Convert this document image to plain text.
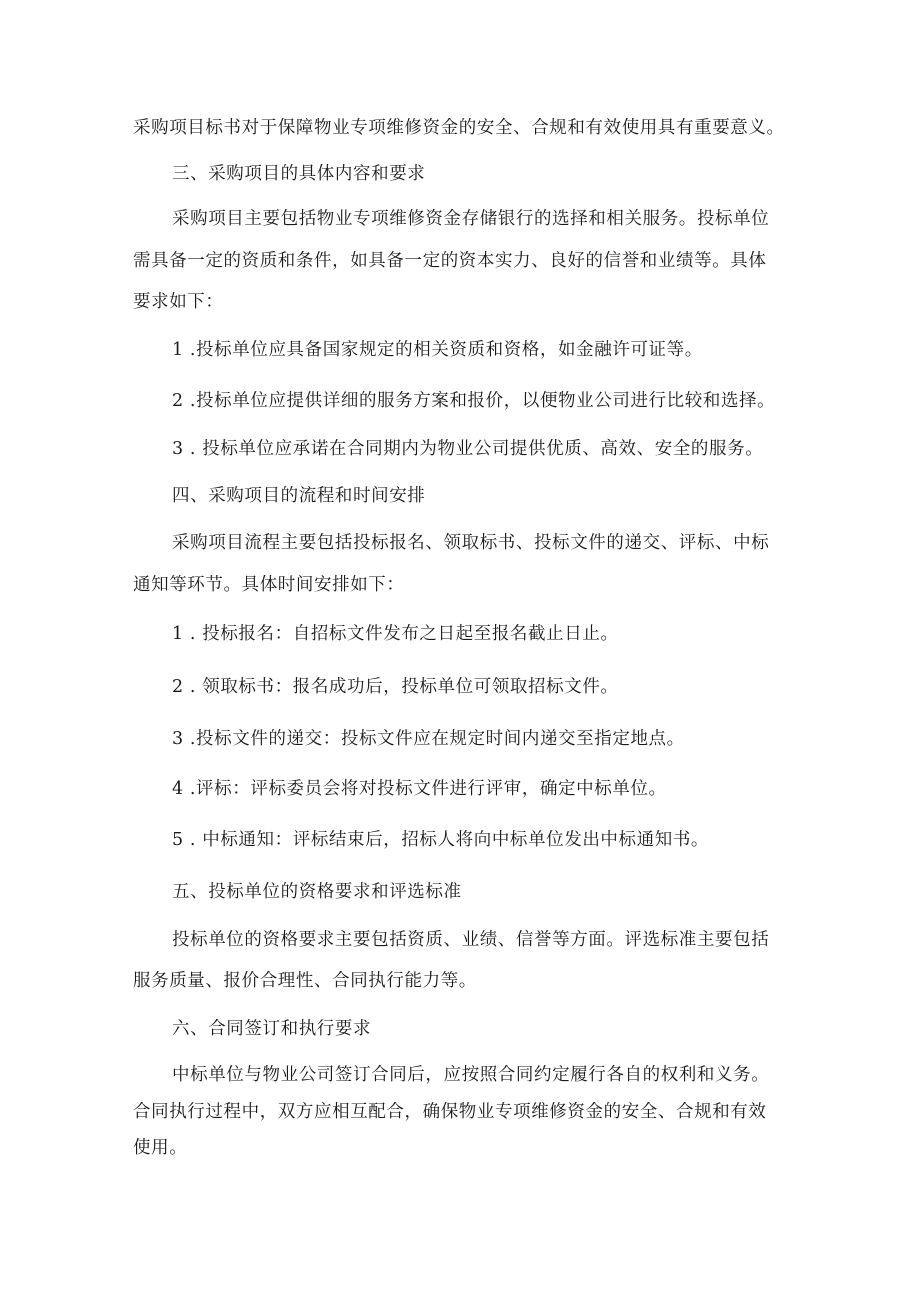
采购项目标书对于保障物业专项维修资金的安全、合规和有效使用具有重要意义。
三、采购项目的具体内容和要求
采购项目主要包括物业专项维修资金存储银行的选择和相关服务。投标单位
需具备一定的资质和条件，如具备一定的资本实力、良好的信誉和业绩等。具体
要求如下：
1 .投标单位应具备国家规定的相关资质和资格，如金融许可证等。
2 .投标单位应提供详细的服务方案和报价，以便物业公司进行比较和选择。
3 . 投标单位应承诺在合同期内为物业公司提供优质、高效、安全的服务。
四、采购项目的流程和时间安排
采购项目流程主要包括投标报名、领取标书、投标文件的递交、评标、中标
通知等环节。具体时间安排如下：
1 . 投标报名：自招标文件发布之日起至报名截止日止。
2 . 领取标书：报名成功后，投标单位可领取招标文件。
3 .投标文件的递交：投标文件应在规定时间内递交至指定地点。
4 .评标：评标委员会将对投标文件进行评审，确定中标单位。
5 . 中标通知：评标结束后，招标人将向中标单位发出中标通知书。
五、投标单位的资格要求和评选标准
投标单位的资格要求主要包括资质、业绩、信誉等方面。评选标准主要包括
服务质量、报价合理性、合同执行能力等。
六、合同签订和执行要求
中标单位与物业公司签订合同后，应按照合同约定履行各自的权利和义务。
合同执行过程中，双方应相互配合，确保物业专项维修资金的安全、合规和有效
使用。
